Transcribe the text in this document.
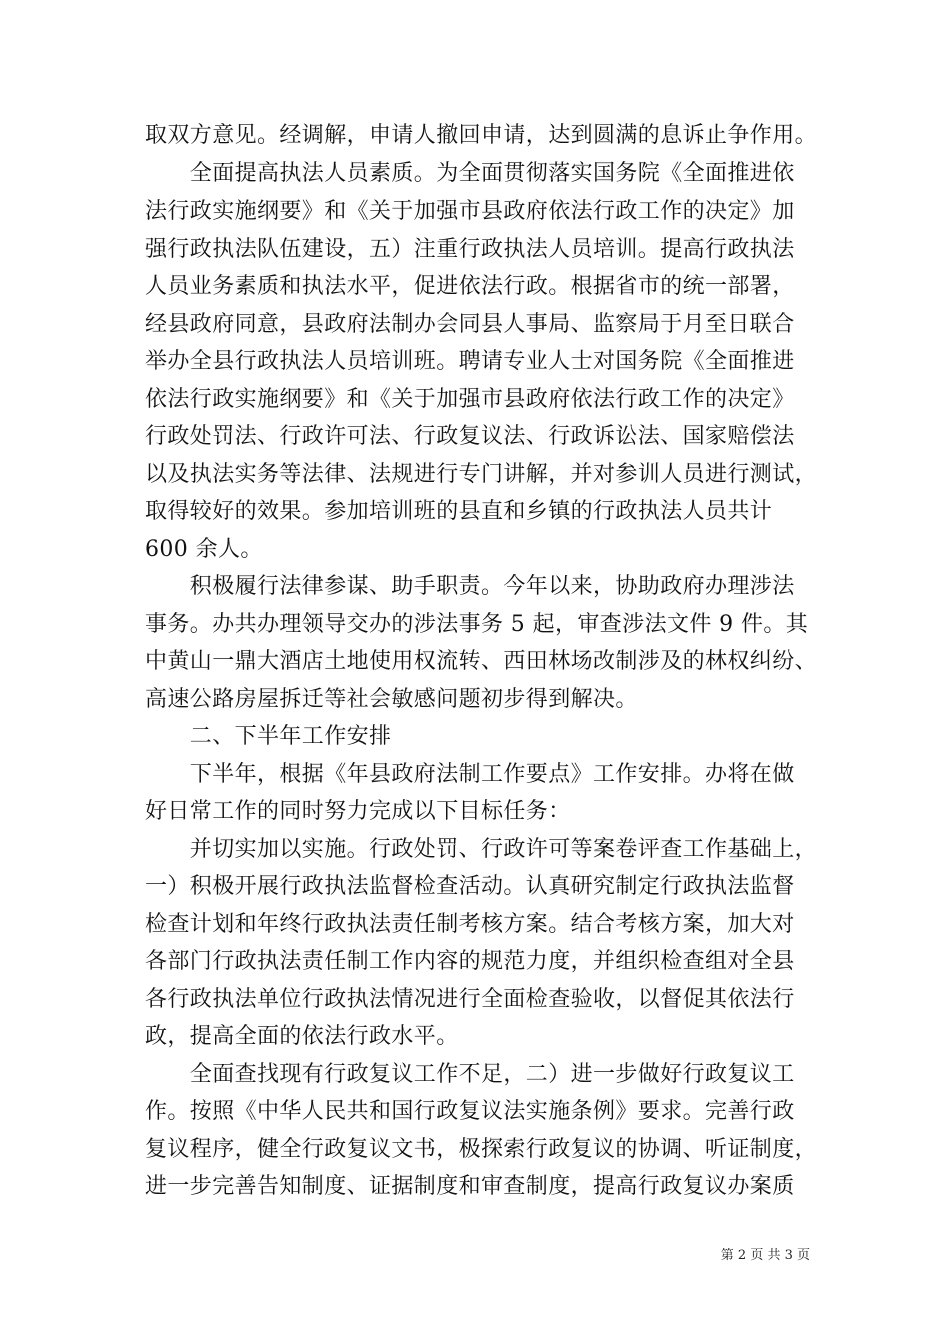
取双方意见。经调解，申请人撤回申请，达到圆满的息诉止争作用。
　　全面提高执法人员素质。为全面贯彻落实国务院《全面推进依
法行政实施纲要》和《关于加强市县政府依法行政工作的决定》加
强行政执法队伍建设，五）注重行政执法人员培训。提高行政执法
人员业务素质和执法水平，促进依法行政。根据省市的统一部署，
经县政府同意，县政府法制办会同县人事局、监察局于月至日联合
举办全县行政执法人员培训班。聘请专业人士对国务院《全面推进
依法行政实施纲要》和《关于加强市县政府依法行政工作的决定》
行政处罚法、行政许可法、行政复议法、行政诉讼法、国家赔偿法
以及执法实务等法律、法规进行专门讲解，并对参训人员进行测试，
取得较好的效果。参加培训班的县直和乡镇的行政执法人员共计
600 余人。
　　积极履行法律参谋、助手职责。今年以来，协助政府办理涉法
事务。办共办理领导交办的涉法事务 5 起，审查涉法文件 9 件。其
中黄山一鼎大酒店土地使用权流转、西田林场改制涉及的林权纠纷、
高速公路房屋拆迁等社会敏感问题初步得到解决。
　　二、下半年工作安排
　　下半年，根据《年县政府法制工作要点》工作安排。办将在做
好日常工作的同时努力完成以下目标任务：
　　并切实加以实施。行政处罚、行政许可等案卷评查工作基础上，
一）积极开展行政执法监督检查活动。认真研究制定行政执法监督
检查计划和年终行政执法责任制考核方案。结合考核方案，加大对
各部门行政执法责任制工作内容的规范力度，并组织检查组对全县
各行政执法单位行政执法情况进行全面检查验收，以督促其依法行
政，提高全面的依法行政水平。
　　全面查找现有行政复议工作不足，二）进一步做好行政复议工
作。按照《中华人民共和国行政复议法实施条例》要求。完善行政
复议程序，健全行政复议文书，极探索行政复议的协调、听证制度，
进一步完善告知制度、证据制度和审查制度，提高行政复议办案质
第 2 页 共 3 页
